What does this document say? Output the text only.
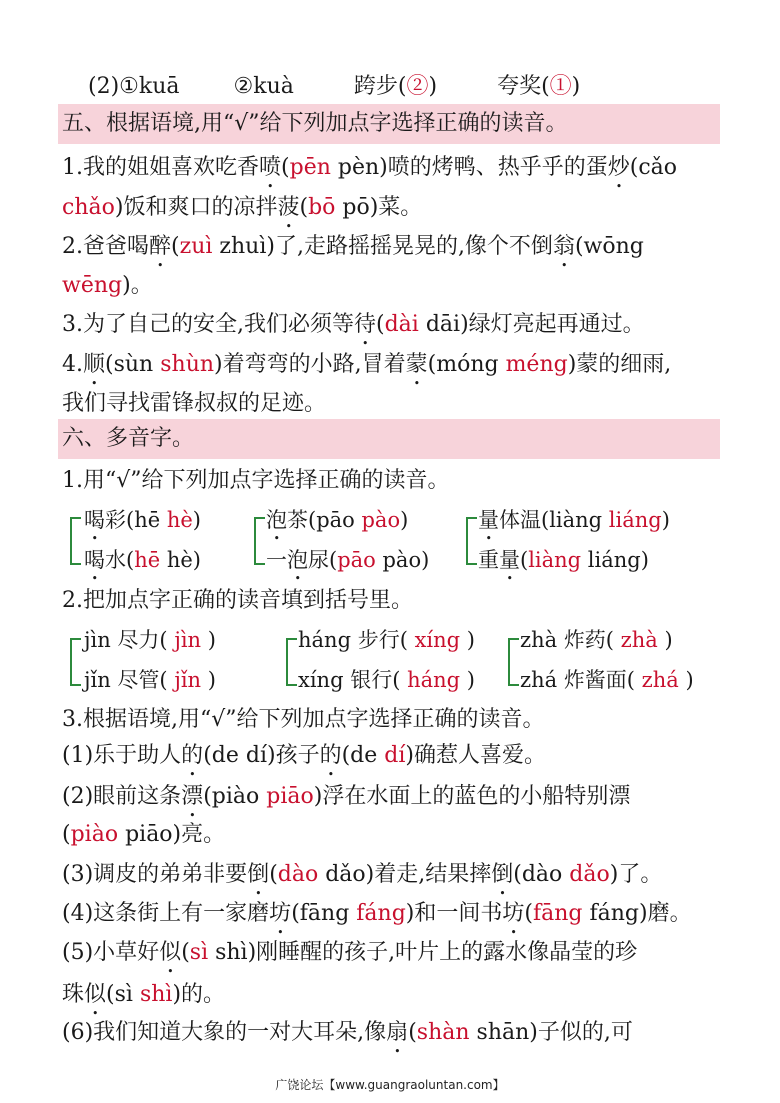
(2)①kuā ②kuà	跨步(②)	夸奖(①)
五、根据语境,用“√”给下列加点字选择正确的读音。
1.我的姐姐喜欢吃香喷(pēn pèn)喷的烤鸭、热乎乎的蛋炒(cǎo
chǎo)饭和爽口的凉拌菠(bō pō)菜。
2.爸爸喝醉(zuì zhuì)了,走路摇摇晃晃的,像个不倒翁(wōng
wēng)。
3.为了自己的安全,我们必须等待(dài dāi)绿灯亮起再通过。
4.顺(sùn shùn)着弯弯的小路,冒着蒙(móng méng)蒙的细雨,
我们寻找雷锋叔叔的足迹。
六、多音字。
1.用“√”给下列加点字选择正确的读音。
喝彩(hē hè)
喝水(hē hè)
泡茶(pāo pào)
一泡尿(pāo pào)
量体温(liàng liáng)
重量(liàng liáng)
2.把加点字正确的读音填到括号里。
jìn 尽力( jìn )
jǐn 尽管( jǐn )
háng 步行( xíng )
xíng 银行( háng )
zhà 炸药( zhà )
zhá 炸酱面( zhá )
3.根据语境,用“√”给下列加点字选择正确的读音。
(1)乐于助人的(de dí)孩子的(de dí)确惹人喜爱。
(2)眼前这条漂(piào piāo)浮在水面上的蓝色的小船特别漂
(piào piāo)亮。
(3)调皮的弟弟非要倒(dào dǎo)着走,结果摔倒(dào dǎo)了。
(4)这条街上有一家磨坊(fāng fáng)和一间书坊(fāng fáng)磨。
(5)小草好似(sì shì)刚睡醒的孩子,叶片上的露水像晶莹的珍
珠似(sì shì)的。
(6)我们知道大象的一对大耳朵,像扇(shàn shān)子似的,可
广饶论坛【www.guangraoluntan.com】
